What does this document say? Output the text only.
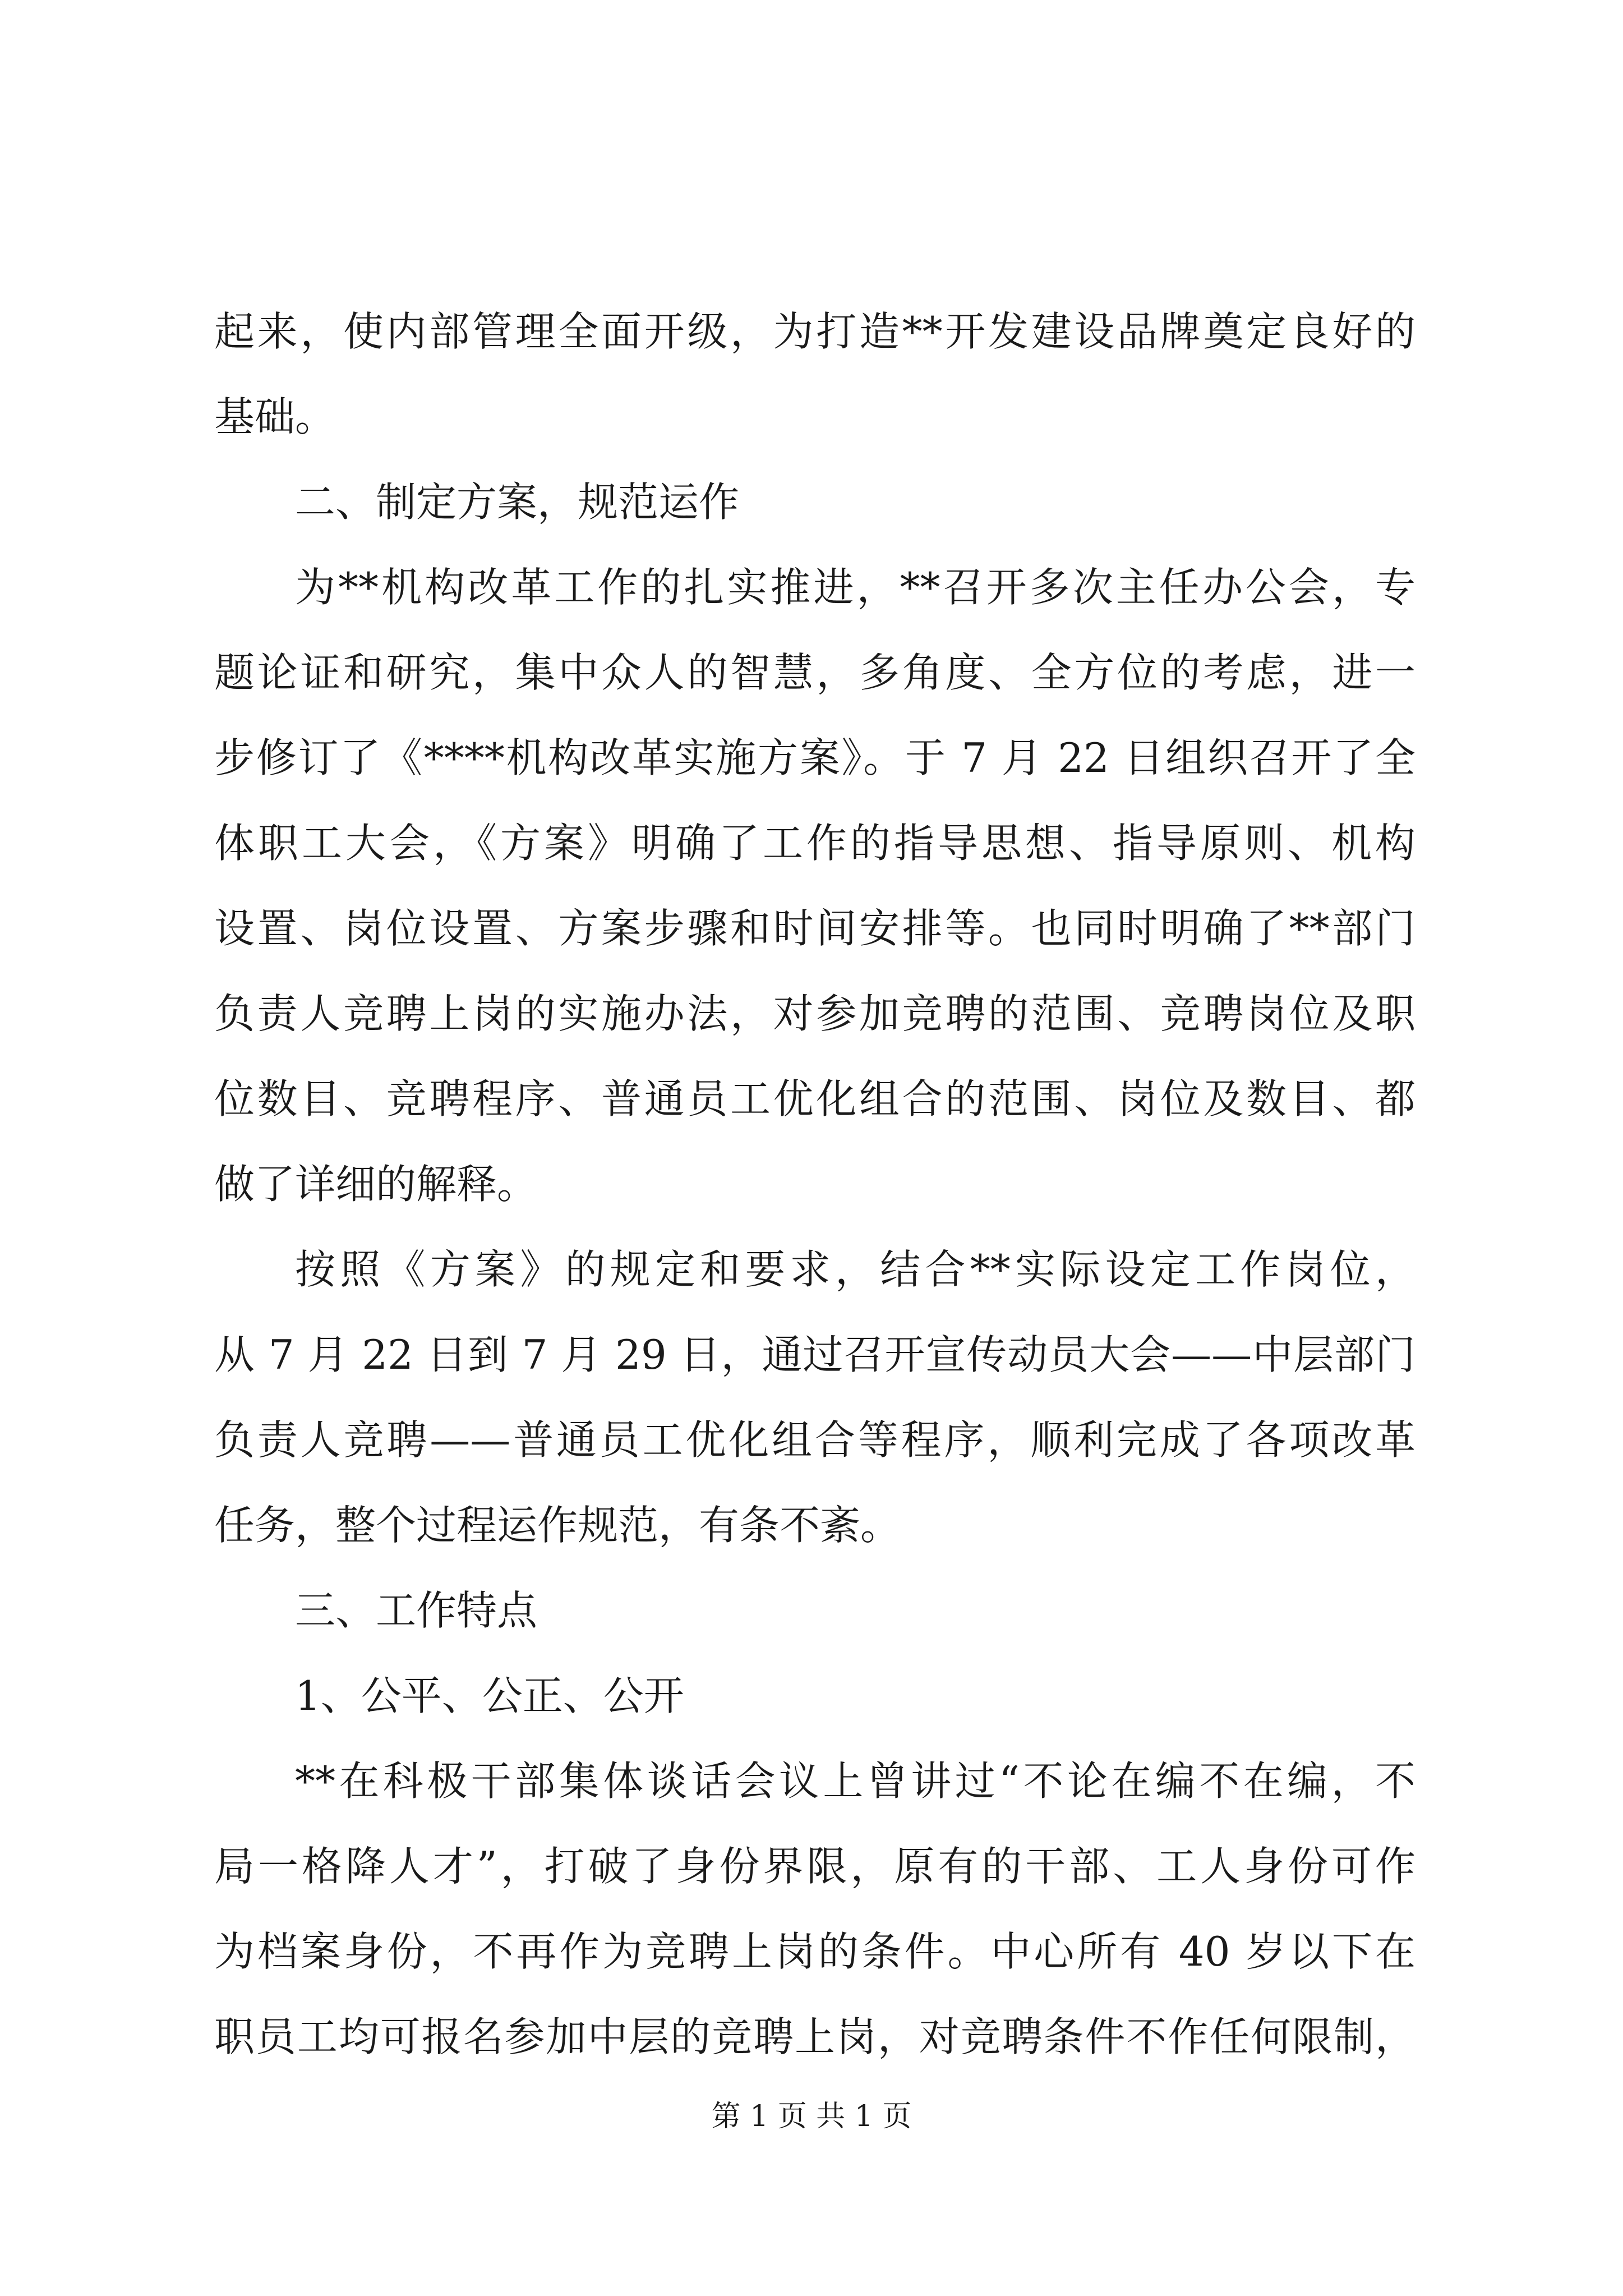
起来，使内部管理全面开级，为打造**开发建设品牌奠定良好的
基础。
二、制定方案，规范运作
为**机构改革工作的扎实推进，**召开多次主任办公会，专
题论证和研究，集中众人的智慧，多角度、全方位的考虑，进一
步修订了《****机构改革实施方案》。于 7 月 22 日组织召开了全
体职工大会，《方案》明确了工作的指导思想、指导原则、机构
设置、岗位设置、方案步骤和时间安排等。也同时明确了**部门
负责人竞聘上岗的实施办法，对参加竞聘的范围、竞聘岗位及职
位数目、竞聘程序、普通员工优化组合的范围、岗位及数目、都
做了详细的解释。
按照《方案》的规定和要求，结合**实际设定工作岗位，
从 7 月 22 日到 7 月 29 日，通过召开宣传动员大会——中层部门
负责人竞聘——普通员工优化组合等程序，顺利完成了各项改革
任务，整个过程运作规范，有条不紊。
三、工作特点
1、公平、公正、公开
**在科极干部集体谈话会议上曾讲过“不论在编不在编，不
局一格降人才”，打破了身份界限，原有的干部、工人身份可作
为档案身份，不再作为竞聘上岗的条件。中心所有 40 岁以下在
职员工均可报名参加中层的竞聘上岗，对竞聘条件不作任何限制，
第 1 页 共 1 页
